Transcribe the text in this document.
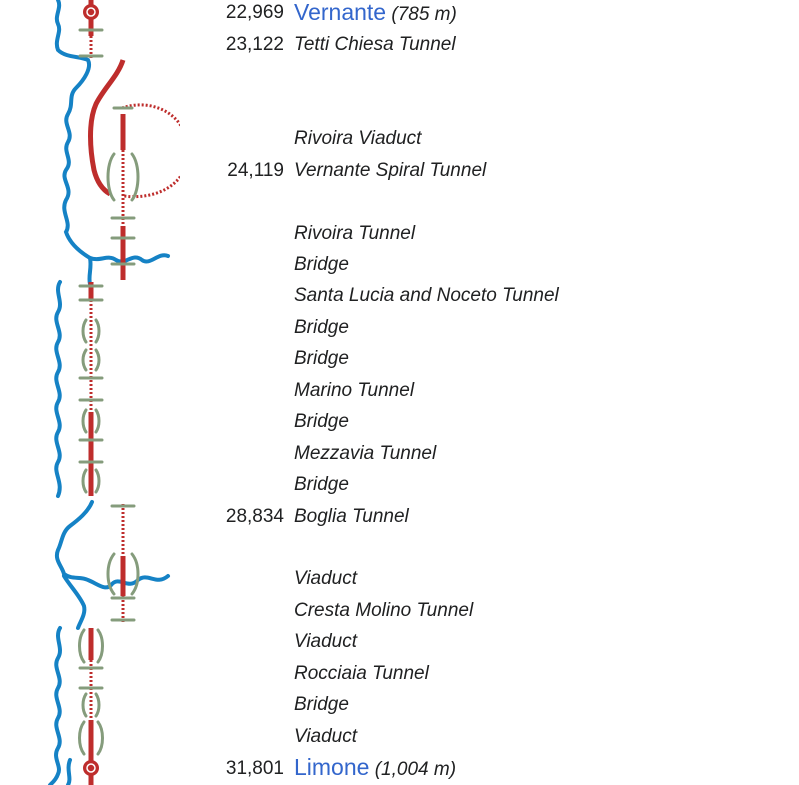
22,969 Vernante (785 m)
23,122 Tetti Chiesa Tunnel
Rivoira Viaduct
24,119 Vernante Spiral Tunnel
Rivoira Tunnel
Bridge
Santa Lucia and Noceto Tunnel
Bridge
Bridge
Marino Tunnel
Bridge
Mezzavia Tunnel
Bridge
28,834 Boglia Tunnel
Viaduct
Cresta Molino Tunnel
Viaduct
Rocciaia Tunnel
Bridge
Viaduct
31,801 Limone (1,004 m)
